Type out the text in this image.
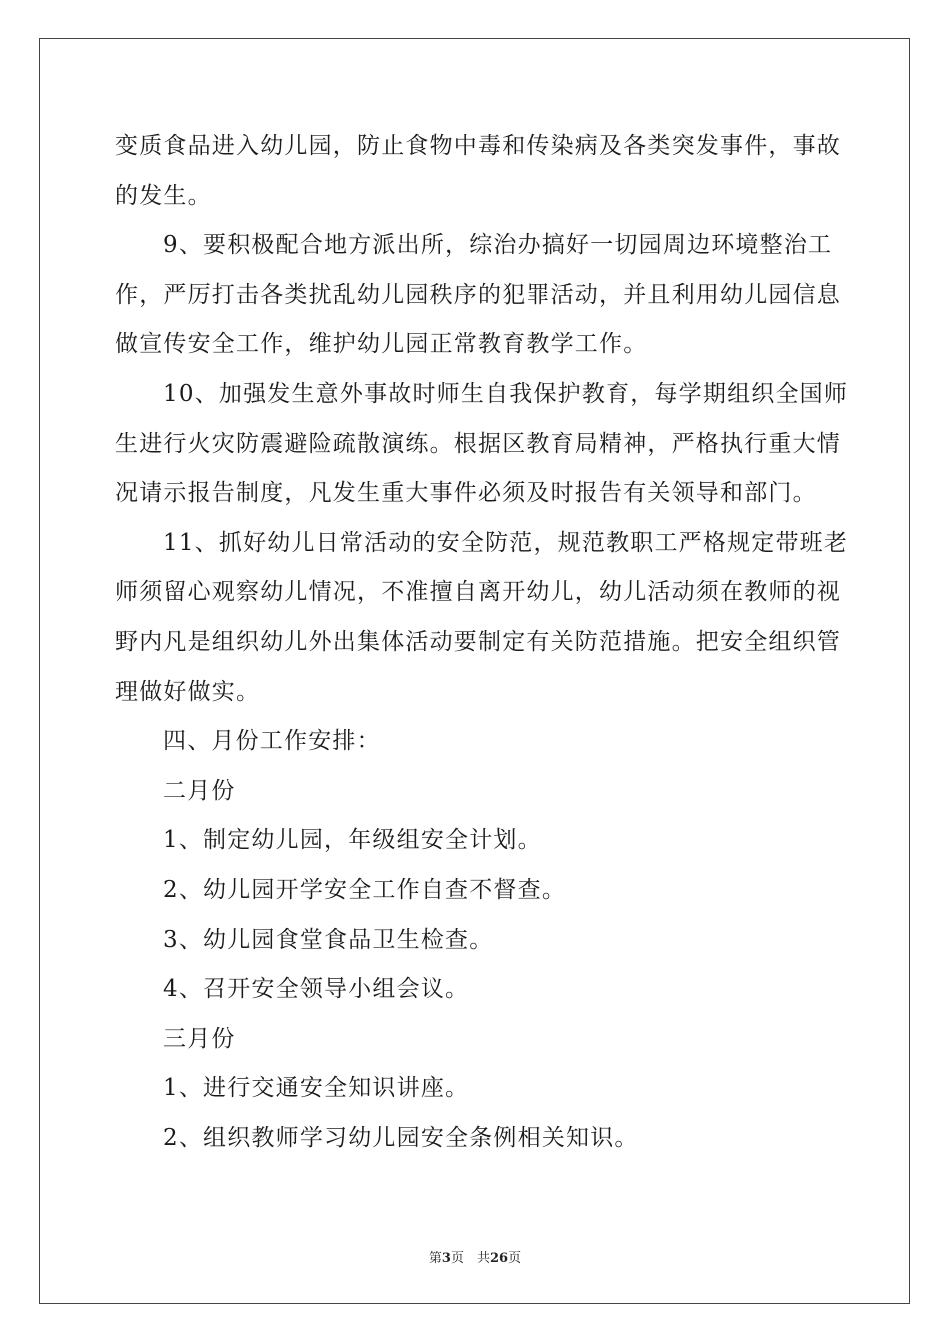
变质食品进入幼儿园，防止食物中毒和传染病及各类突发事件，事故
的发生。
9、要积极配合地方派出所，综治办搞好一切园周边环境整治工
作，严厉打击各类扰乱幼儿园秩序的犯罪活动，并且利用幼儿园信息
做宣传安全工作，维护幼儿园正常教育教学工作。
10、加强发生意外事故时师生自我保护教育，每学期组织全国师
生进行火灾防震避险疏散演练。根据区教育局精神，严格执行重大情
况请示报告制度，凡发生重大事件必须及时报告有关领导和部门。
11、抓好幼儿日常活动的安全防范，规范教职工严格规定带班老
师须留心观察幼儿情况，不准擅自离开幼儿，幼儿活动须在教师的视
野内凡是组织幼儿外出集体活动要制定有关防范措施。把安全组织管
理做好做实。
四、月份工作安排：
二月份
1、制定幼儿园，年级组安全计划。
2、幼儿园开学安全工作自查不督查。
3、幼儿园食堂食品卫生检查。
4、召开安全领导小组会议。
三月份
1、进行交通安全知识讲座。
2、组织教师学习幼儿园安全条例相关知识。
第3页　共26页
